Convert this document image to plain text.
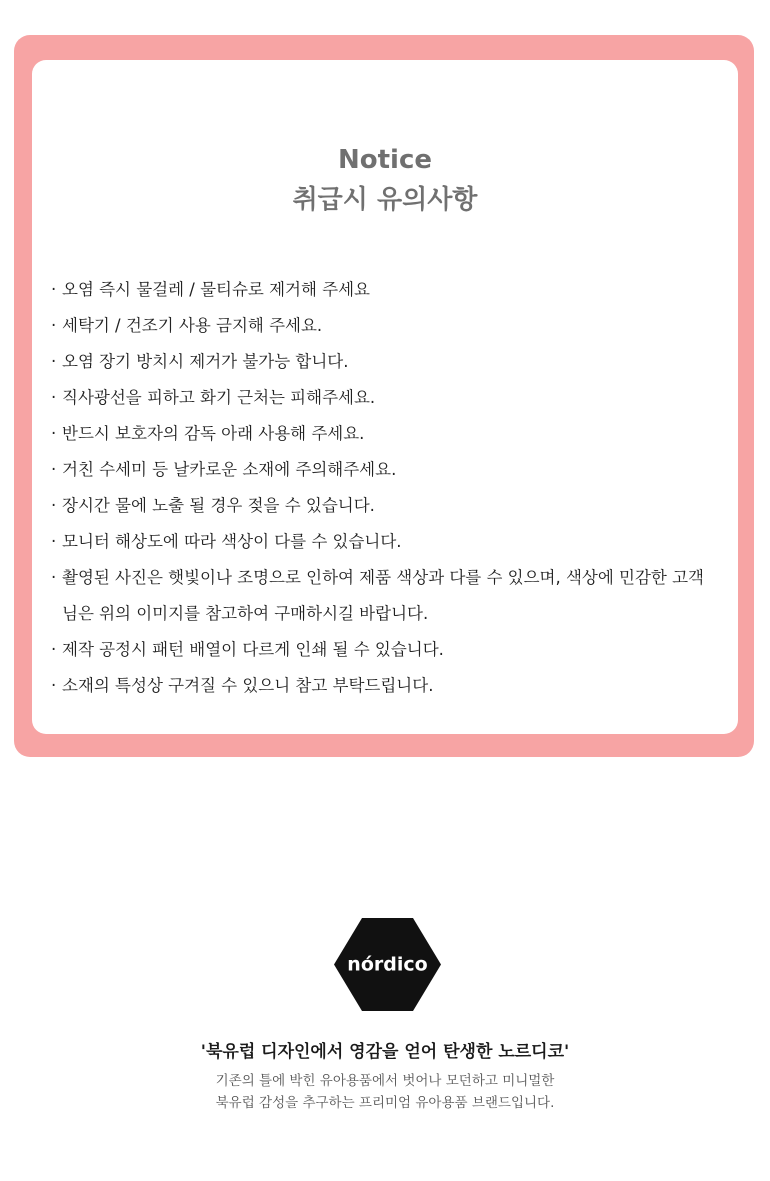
Notice
취급시 유의사항
· 오염 즉시 물걸레 / 물티슈로 제거해 주세요
· 세탁기 / 건조기 사용 금지해 주세요.
· 오염 장기 방치시 제거가 불가능 합니다.
· 직사광선을 피하고 화기 근처는 피해주세요.
· 반드시 보호자의 감독 아래 사용해 주세요.
· 거친 수세미 등 날카로운 소재에 주의해주세요.
· 장시간 물에 노출 될 경우 젖을 수 있습니다.
· 모니터 해상도에 따라 색상이 다를 수 있습니다.
· 촬영된 사진은 햇빛이나 조명으로 인하여 제품 색상과 다를 수 있으며, 색상에 민감한 고객
님은 위의 이미지를 참고하여 구매하시길 바랍니다.
· 제작 공정시 패턴 배열이 다르게 인쇄 될 수 있습니다.
· 소재의 특성상 구겨질 수 있으니 참고 부탁드립니다.
nórdico
'북유럽 디자인에서 영감을 얻어 탄생한 노르디코'
기존의 틀에 박힌 유아용품에서 벗어나 모던하고 미니멀한
북유럽 감성을 추구하는 프리미엄 유아용품 브랜드입니다.
